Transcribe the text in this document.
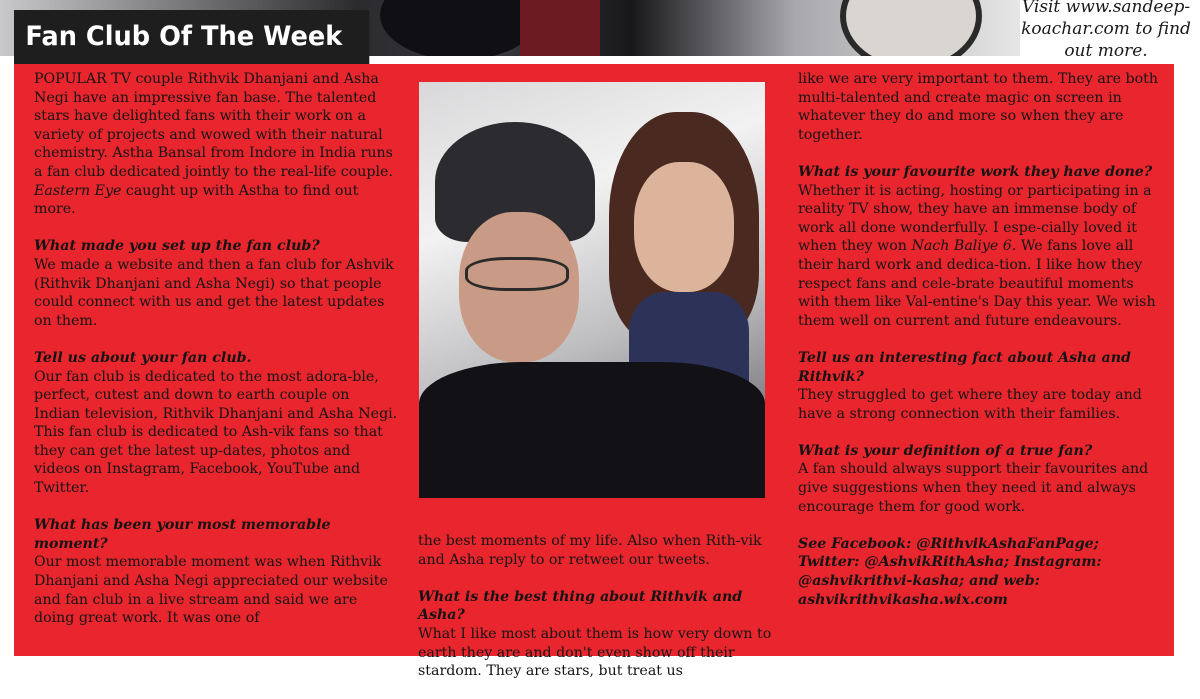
Visit www.sandeep-koachar.com to find out more.

POPULAR TV couple Rithvik Dhanjani and Asha Negi have an impressive fan base. The talented stars have delighted fans with their work on a variety of projects and wowed with their natural chemistry. Astha Bansal from Indore in India runs a fan club dedicated jointly to the real-life couple. Eastern Eye caught up with Astha to find out more.

What made you set up the fan club?
We made a website and then a fan club for Ashvik (Rithvik Dhanjani and Asha Negi) so that people could connect with us and get the latest updates on them.

Tell us about your fan club.
Our fan club is dedicated to the most adora-ble, perfect, cutest and down to earth couple on Indian television, Rithvik Dhanjani and Asha Negi. This fan club is dedicated to Ash-vik fans so that they can get the latest up-dates, photos and videos on Instagram, Facebook, YouTube and Twitter.

What has been your most memorable moment?
Our most memorable moment was when Rithvik Dhanjani and Asha Negi appreciated our website and fan club in a live stream and said we are doing great work. It was one of

the best moments of my life. Also when Rith-vik and Asha reply to or retweet our tweets.

What is the best thing about Rithvik and Asha?
What I like most about them is how very down to earth they are and don't even show off their stardom. They are stars, but treat us

like we are very important to them. They are both multi-talented and create magic on screen in whatever they do and more so when they are together.

What is your favourite work they have done?
Whether it is acting, hosting or participating in a reality TV show, they have an immense body of work all done wonderfully. I espe-cially loved it when they won Nach Baliye 6. We fans love all their hard work and dedica-tion. I like how they respect fans and cele-brate beautiful moments with them like Val-entine's Day this year. We wish them well on current and future endeavours.

Tell us an interesting fact about Asha and Rithvik?
They struggled to get where they are today and have a strong connection with their families.

What is your definition of a true fan?
A fan should always support their favourites and give suggestions when they need it and always encourage them for good work.

See Facebook: @RithvikAshaFanPage; Twitter: @AshvikRithAsha; Instagram: @ashvikrithvi-kasha; and web: ashvikrithvikasha.wix.com

Fan Club Of The Week
